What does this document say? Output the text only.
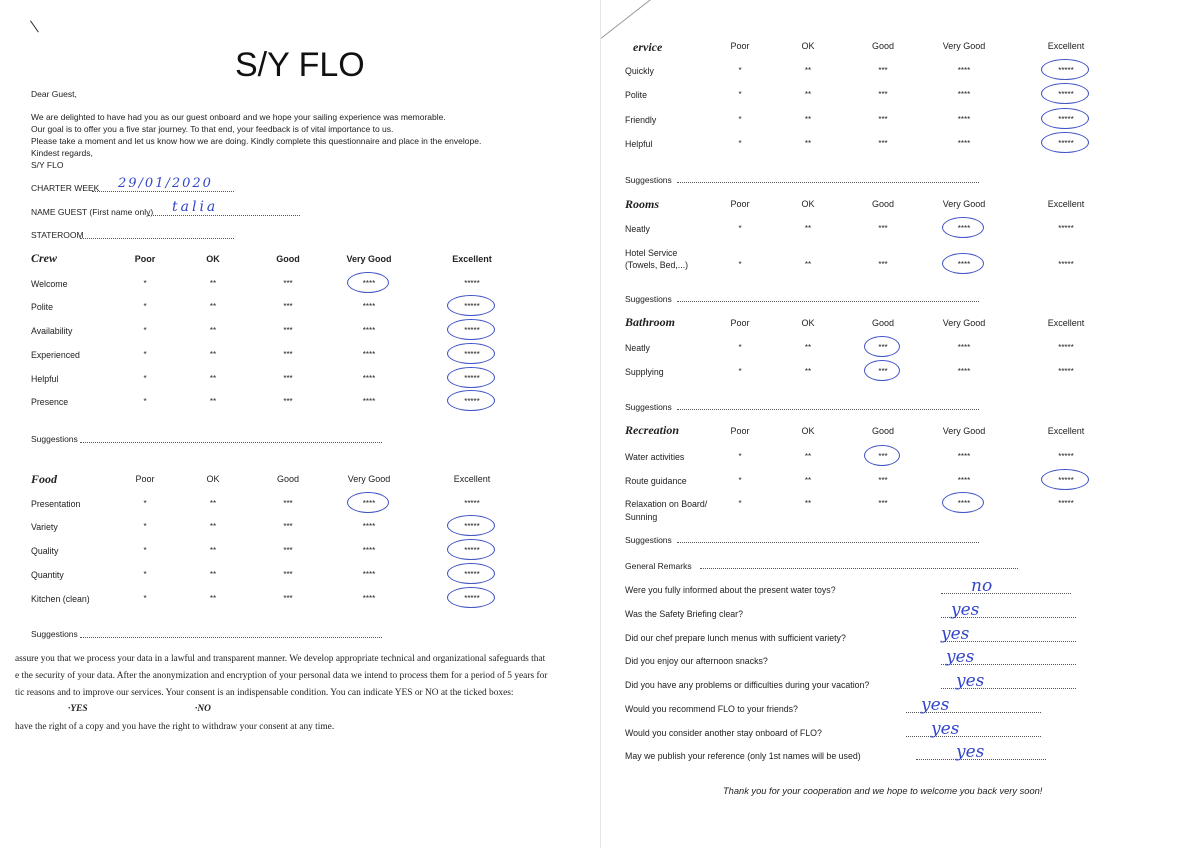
S/Y FLO
Dear Guest,
We are delighted to have had you as our guest onboard and we hope your sailing experience was memorable.
Our goal is to offer you a five star journey. To that end, your feedback is of vital importance to us.
Please take a moment and let us know how we are doing. Kindly complete this questionnaire and place in the envelope.
Kindest regards,
S/Y FLO
CHARTER WEEK 29/01/2020
NAME GUEST (First name only) talia
STATEROOM
Crew	Poor	OK	Good	Very Good	Excellent
Welcome	*	**	***	****	*****
Polite	*	**	***	****	*****
Availability	*	**	***	****	*****
Experienced	*	**	***	****	*****
Helpful	*	**	***	****	*****
Presence	*	**	***	****	*****
Suggestions
Food	Poor	OK	Good	Very Good	Excellent
Presentation	*	**	***	****	*****
Variety	*	**	***	****	*****
Quality	*	**	***	****	*****
Quantity	*	**	***	****	*****
Kitchen (clean)	*	**	***	****	*****
Suggestions
assure you that we process your data in a lawful and transparent manner. We develop appropriate technical and organizational safeguards that
e the security of your data. After the anonymization and encryption of your personal data we intend to process them for a period of 5 years for
tic reasons and to improve our services. Your consent is an indispensable condition. You can indicate YES or NO at the ticked boxes:
·YES	·NO
have the right of a copy and you have the right to withdraw your consent at any time.
ervice	Poor	OK	Good	Very Good	Excellent
Quickly	*	**	***	****	*****
Polite	*	**	***	****	*****
Friendly	*	**	***	****	*****
Helpful	*	**	***	****	*****
Suggestions
Rooms	Poor	OK	Good	Very Good	Excellent
Neatly	*	**	***	****	*****
Hotel Service
*	**	***	****	*****
(Towels, Bed,...)
Suggestions
Bathroom	Poor	OK	Good	Very Good	Excellent
Neatly	*	**	***	****	*****
Supplying	*	**	***	****	*****
Suggestions
Recreation	Poor	OK	Good	Very Good	Excellent
Water activities	*	**	***	****	*****
Route guidance	*	**	***	****	*****
Relaxation on Board/	*	**	***	****	*****
Sunning
Suggestions
General Remarks
Were you fully informed about the present water toys?	no
Was the Safety Briefing clear?	yes
Did our chef prepare lunch menus with sufficient variety?	yes
Did you enjoy our afternoon snacks?	yes
Did you have any problems or difficulties during your vacation?	yes
Would you recommend FLO to your friends?	yes
Would you consider another stay onboard of FLO?	yes
May we publish your reference (only 1st names will be used)	yes
Thank you for your cooperation and we hope to welcome you back very soon!
